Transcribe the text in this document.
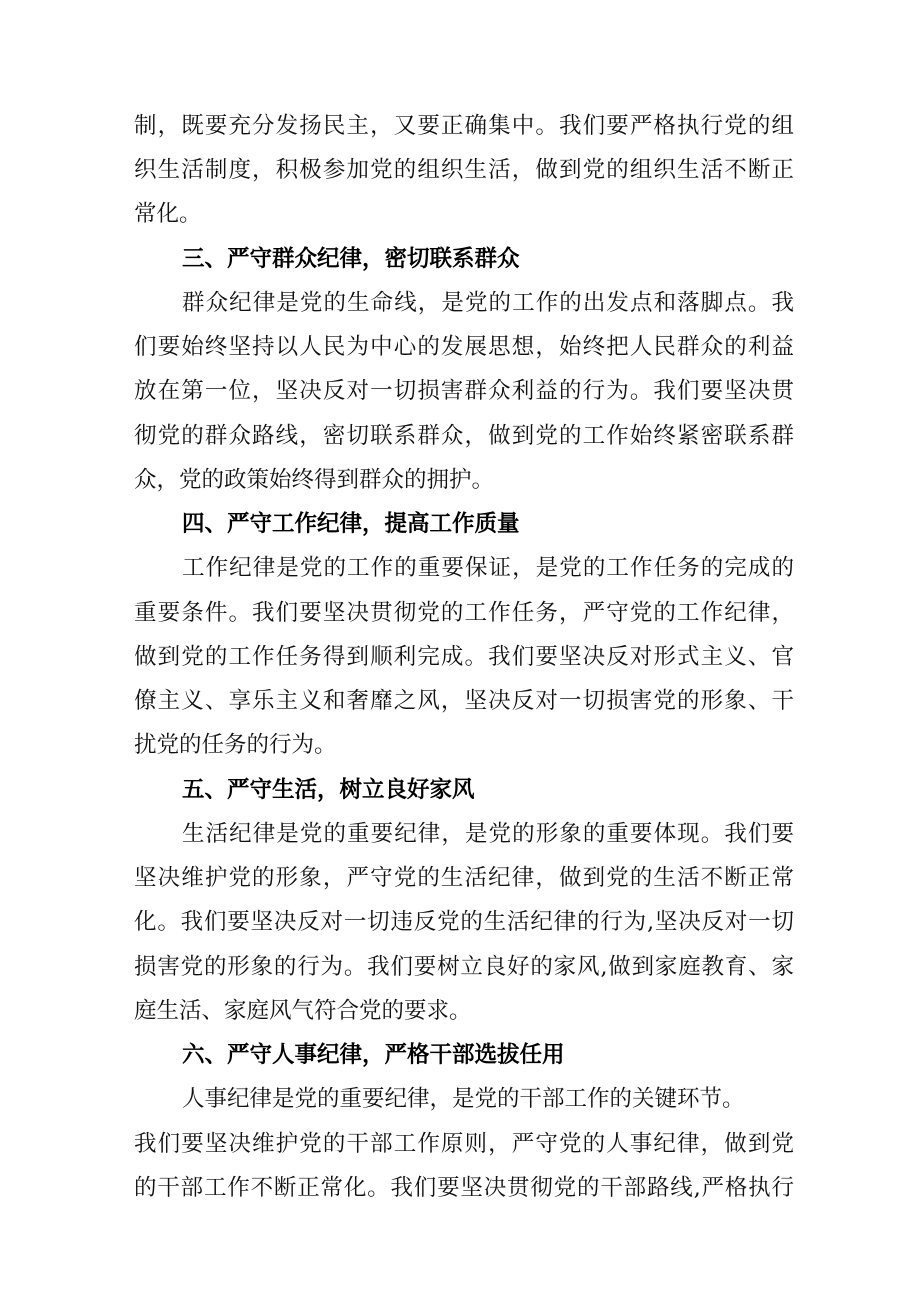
制，既要充分发扬民主，又要正确集中。我们要严格执行党的组
织生活制度，积极参加党的组织生活，做到党的组织生活不断正
常化。
三、严守群众纪律，密切联系群众
群众纪律是党的生命线，是党的工作的出发点和落脚点。我
们要始终坚持以人民为中心的发展思想，始终把人民群众的利益
放在第一位，坚决反对一切损害群众利益的行为。我们要坚决贯
彻党的群众路线，密切联系群众，做到党的工作始终紧密联系群
众，党的政策始终得到群众的拥护。
四、严守工作纪律，提高工作质量
工作纪律是党的工作的重要保证，是党的工作任务的完成的
重要条件。我们要坚决贯彻党的工作任务，严守党的工作纪律，
做到党的工作任务得到顺利完成。我们要坚决反对形式主义、官
僚主义、享乐主义和奢靡之风，坚决反对一切损害党的形象、干
扰党的任务的行为。
五、严守生活，树立良好家风
生活纪律是党的重要纪律，是党的形象的重要体现。我们要
坚决维护党的形象，严守党的生活纪律，做到党的生活不断正常
化。我们要坚决反对一切违反党的生活纪律的行为,坚决反对一切
损害党的形象的行为。我们要树立良好的家风,做到家庭教育、家
庭生活、家庭风气符合党的要求。
六、严守人事纪律，严格干部选拔任用
人事纪律是党的重要纪律，是党的干部工作的关键环节。
我们要坚决维护党的干部工作原则，严守党的人事纪律，做到党
的干部工作不断正常化。我们要坚决贯彻党的干部路线,严格执行
